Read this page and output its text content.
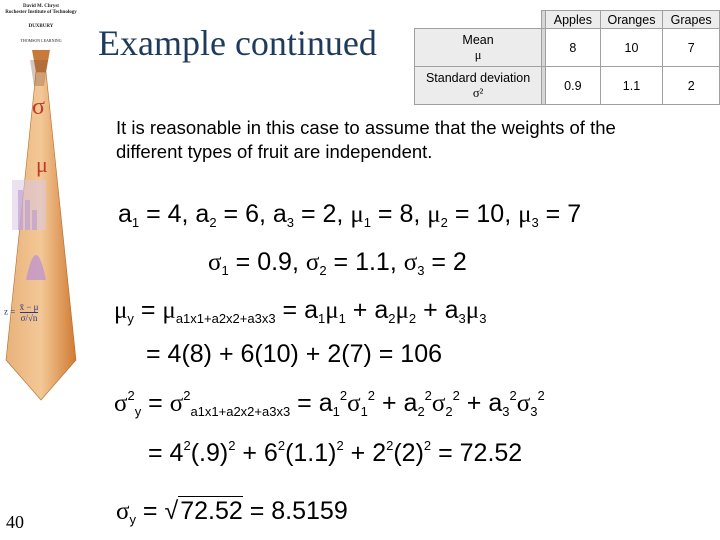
David M. Chryst
Rochester Institute of Technology
DUXBURY
THOMSON LEARNING
σ
μ
$z = \frac{x̄ - \mu}{\sigma/√n}$
40
Example continued
		Apples	Oranges	Grapes

Mean
μ		8	10	7

Standard deviation
σ²		0.9	1.1	2
It is reasonable in this case to assume that the weights of the different types of fruit are independent.
$a_1 = 4$, $a_2 = 6$, $a_3 = 2$, $\mu_1 = 8$, $\mu_2 = 10$, $\mu_3 = 7$
$\sigma_1 = 0.9$, $\sigma_2 = 1.1$, $\sigma_3 = 2$
$\mu_y = \mu_{a1x1+a2x2+a3x3} = a_1\mu_1 + a_2\mu_2 + a_3\mu_3$
= 4(8) + 6(10) + 2(7) = 106
$\sigma^2_y = \sigma^2_{a1x1+a2x2+a3x3} = a_1^2\sigma_1^2 + a_2^2\sigma_2^2 + a_3^2\sigma_3^2$
= $4^2(.9)^2 + 6^2(1.1)^2 + 2^2(2)^2 = 72.52$
$\sigma_y = √72.52 = 8.5159$
